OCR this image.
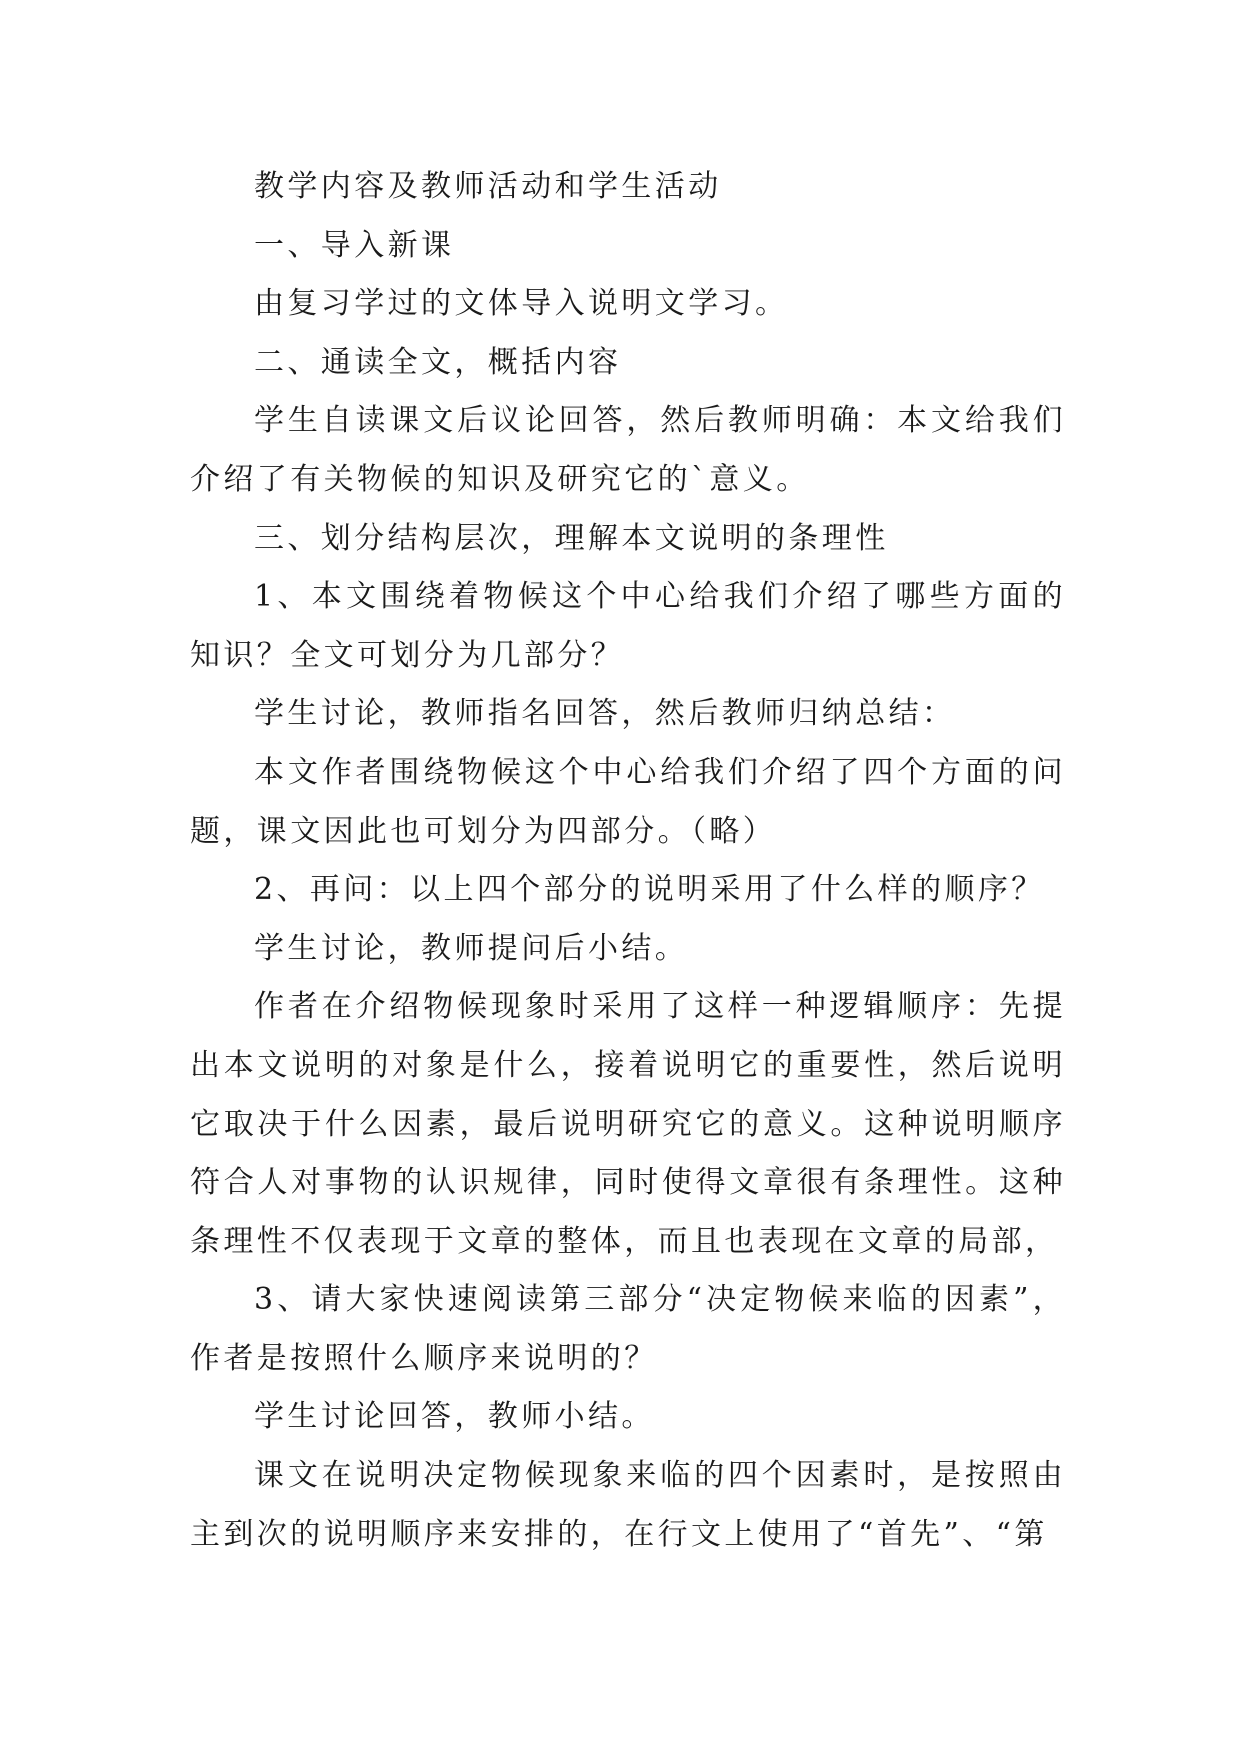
教学内容及教师活动和学生活动

一、导入新课

由复习学过的文体导入说明文学习。

二、通读全文，概括内容

学生自读课文后议论回答，然后教师明确：本文给我们介绍了有关物候的知识及研究它的`意义。

三、划分结构层次，理解本文说明的条理性

1、本文围绕着物候这个中心给我们介绍了哪些方面的知识？全文可划分为几部分？

学生讨论，教师指名回答，然后教师归纳总结：

本文作者围绕物候这个中心给我们介绍了四个方面的问题，课文因此也可划分为四部分。（略）

2、再问：以上四个部分的说明采用了什么样的顺序？

学生讨论，教师提问后小结。

作者在介绍物候现象时采用了这样一种逻辑顺序：先提出本文说明的对象是什么，接着说明它的重要性，然后说明它取决于什么因素，最后说明研究它的意义。这种说明顺序符合人对事物的认识规律，同时使得文章很有条理性。这种条理性不仅表现于文章的整体，而且也表现在文章的局部，

3、请大家快速阅读第三部分“决定物候来临的因素”，作者是按照什么顺序来说明的？

学生讨论回答，教师小结。

课文在说明决定物候现象来临的四个因素时，是按照由主到次的说明顺序来安排的，在行文上使用了“首先”、“第
